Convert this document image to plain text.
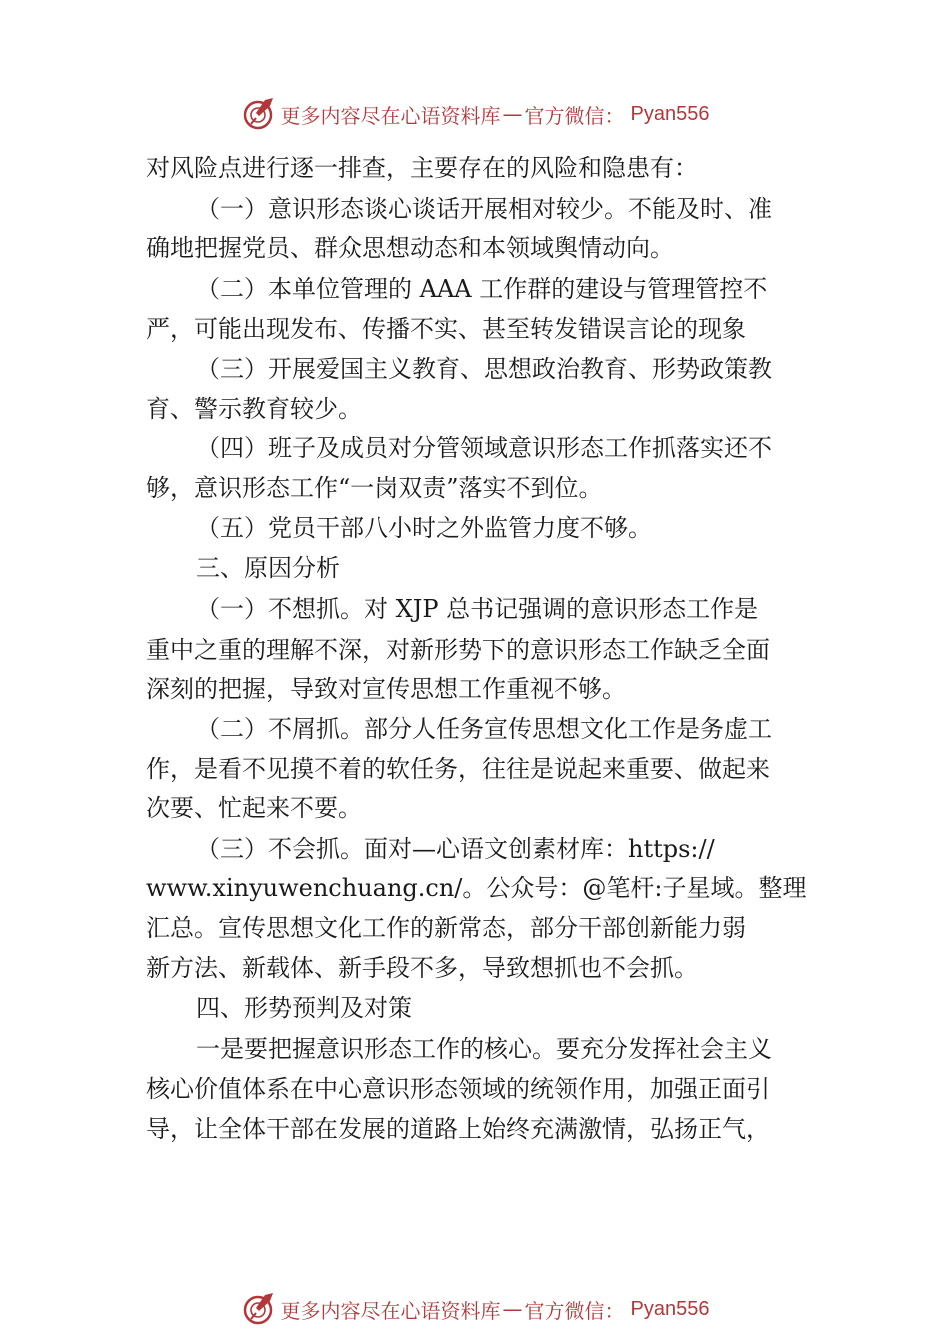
更多内容尽在心语资料库 — 官方微信 ： Pyan556
对风险点进行逐一排查，主要存在的风险和隐患有：
（一）意识形态谈心谈话开展相对较少。不能及时、准
确地把握党员、群众思想动态和本领域舆情动向。
（二）本单位管理的 AAA 工作群的建设与管理管控不
严，可能出现发布、传播不实、甚至转发错误言论的现象
（三）开展爱国主义教育、思想政治教育、形势政策教
育、警示教育较少。
（四）班子及成员对分管领域意识形态工作抓落实还不
够，意识形态工作“一岗双责”落实不到位。
（五）党员干部八小时之外监管力度不够。
三、原因分析
（一）不想抓。对 XJP 总书记强调的意识形态工作是
重中之重的理解不深，对新形势下的意识形态工作缺乏全面
深刻的把握，导致对宣传思想工作重视不够。
（二）不屑抓。部分人任务宣传思想文化工作是务虚工
作，是看不见摸不着的软任务，往往是说起来重要、做起来
次要、忙起来不要。
（三）不会抓。面对—心语文创素材库：https://
www.xinyuwenchuang.cn/。公众号：@笔杆:子星域。整理
汇总。宣传思想文化工作的新常态，部分干部创新能力弱
新方法、新载体、新手段不多，导致想抓也不会抓。
四、形势预判及对策
一是要把握意识形态工作的核心。要充分发挥社会主义
核心价值体系在中心意识形态领域的统领作用，加强正面引
导，让全体干部在发展的道路上始终充满激情，弘扬正气，
更多内容尽在心语资料库 — 官方微信 ： Pyan556
